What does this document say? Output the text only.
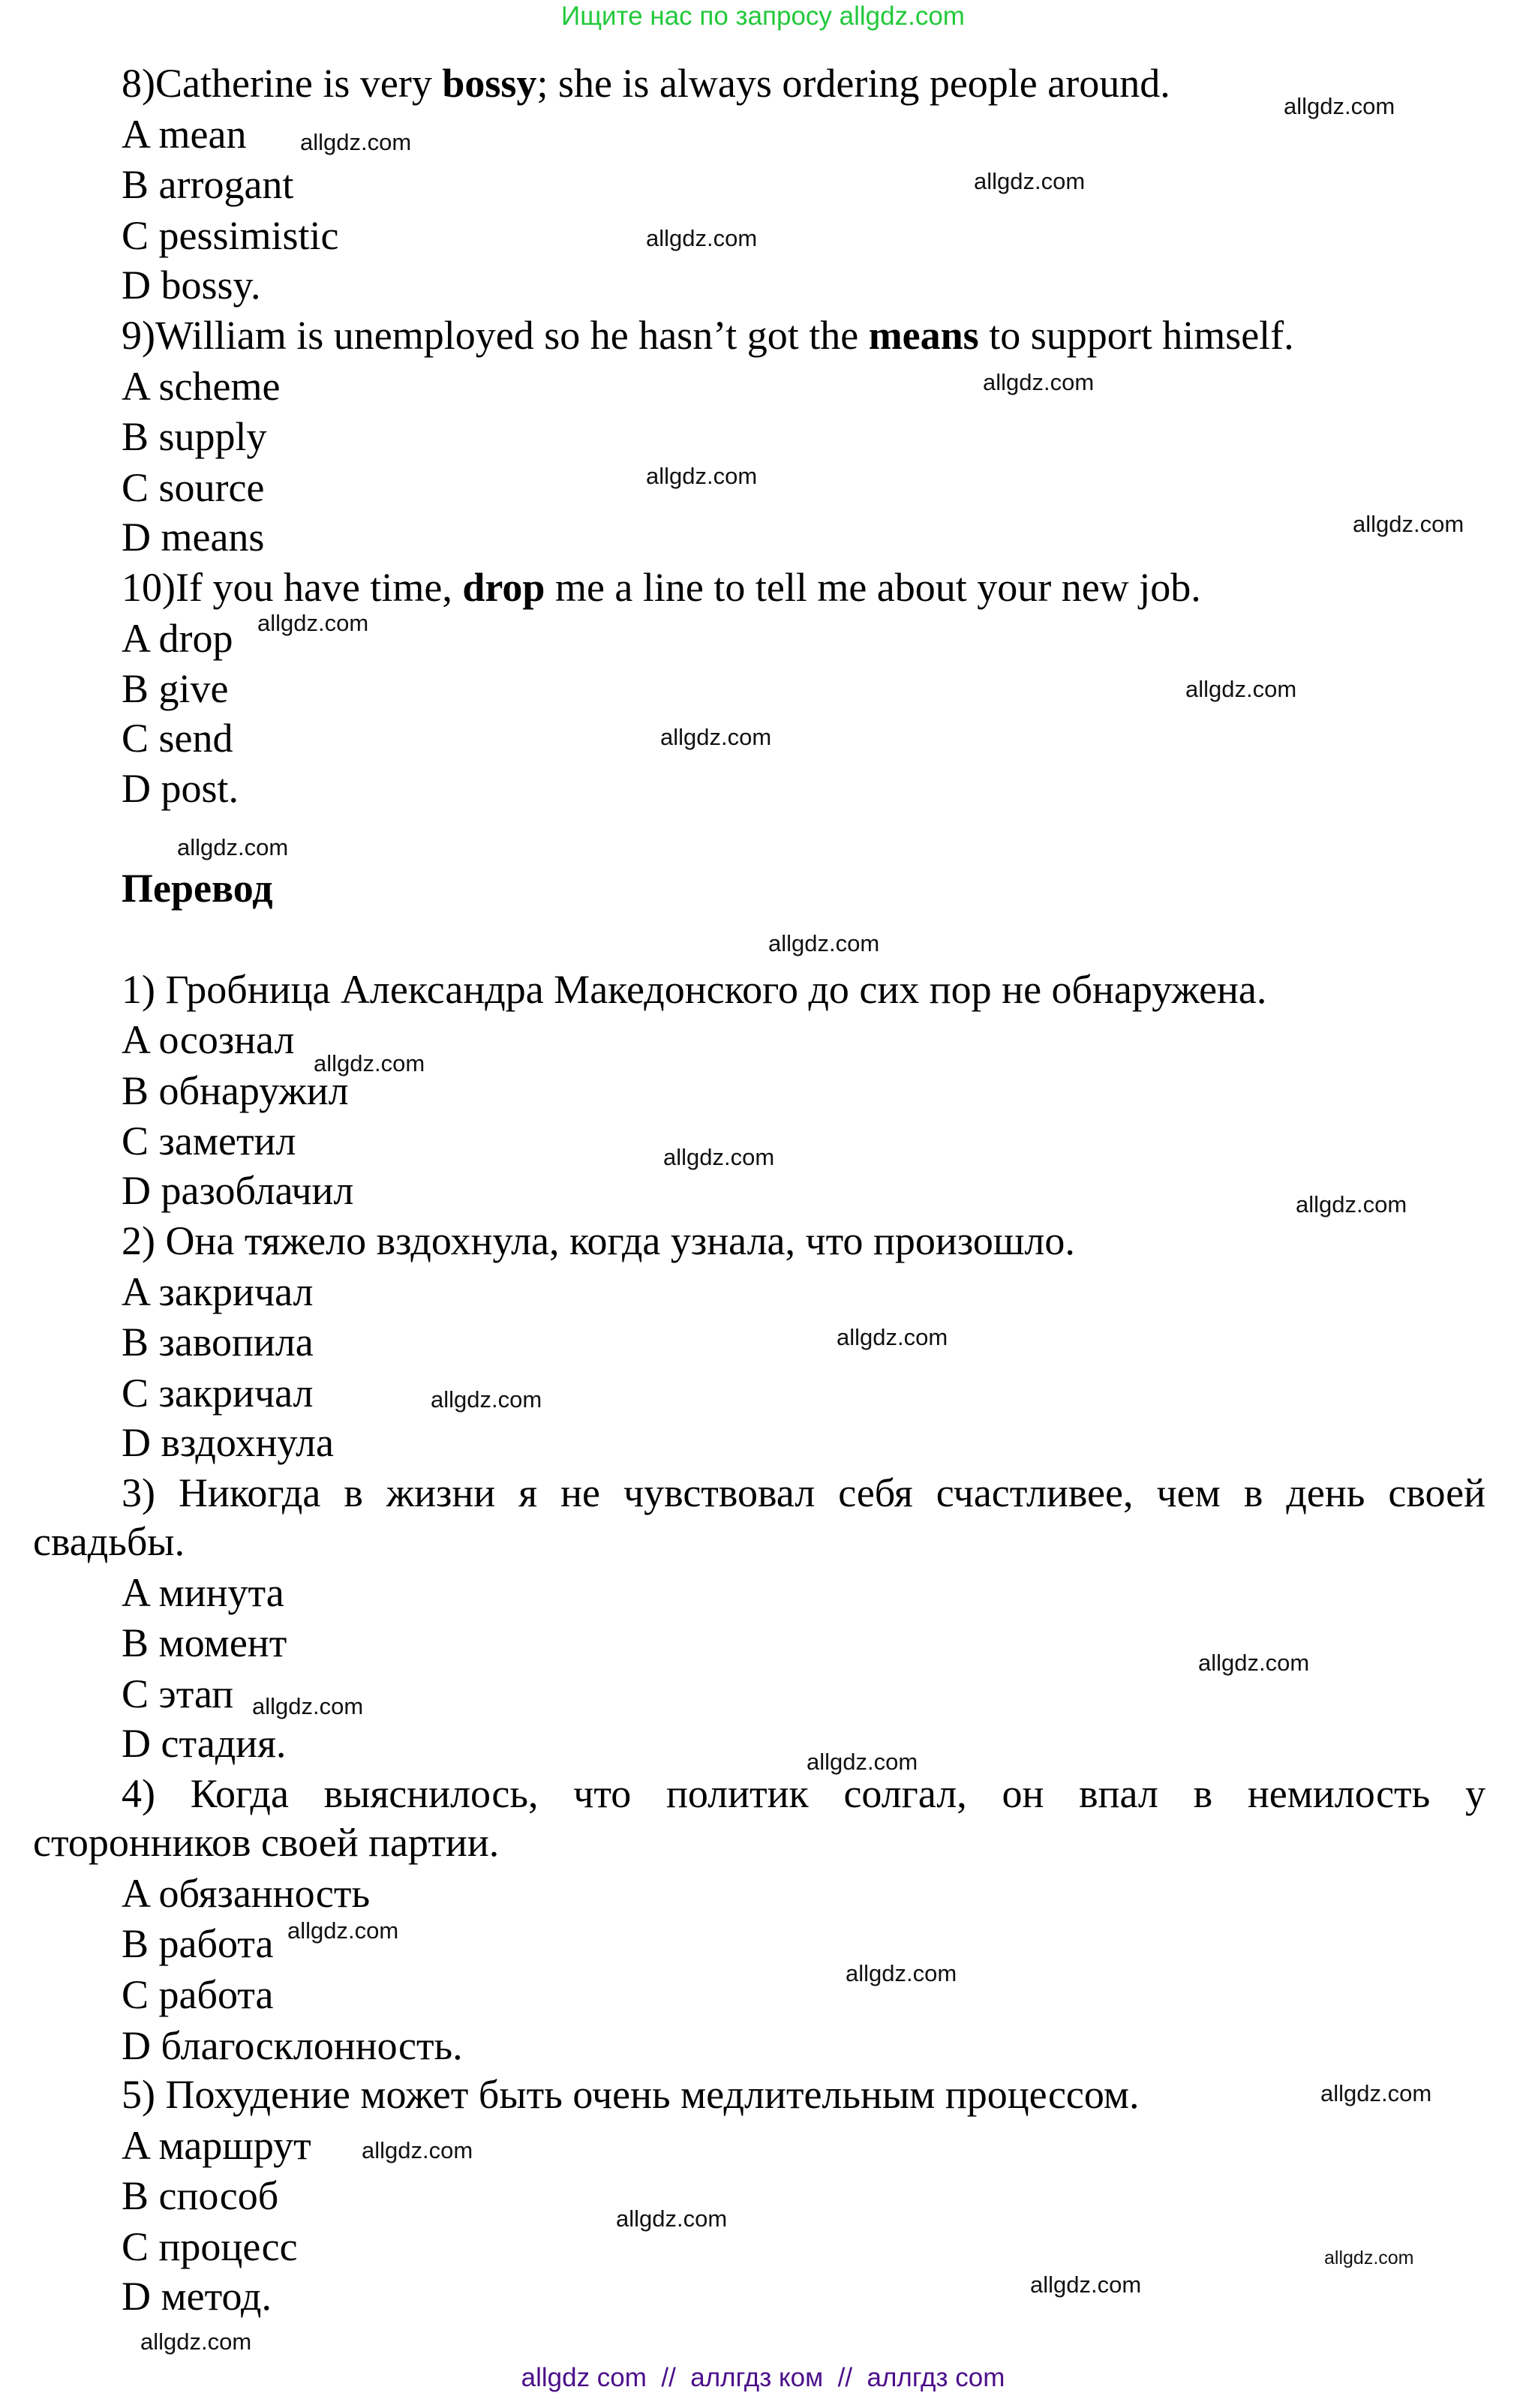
Ищите нас по запросу allgdz.com
8)Catherine is very bossy; she is always ordering people around.
A mean
B arrogant
C pessimistic
D bossy.
9)William is unemployed so he hasn’t got the means to support himself.
A scheme
B supply
C source
D means
10)If you have time, drop me a line to tell me about your new job.
A drop
B give
C send
D post.
Перевод
1) Гробница Александра Македонского до сих пор не обнаружена.
A осознал
B обнаружил
C заметил
D разоблачил
2) Она тяжело вздохнула, когда узнала, что произошло.
A закричал
B завопила
C закричал
D вздохнула
3) Никогда в жизни я не чувствовал себя счастливее, чем в день своей
свадьбы.
A минута
B момент
C этап
D стадия.
4) Когда выяснилось, что политик солгал, он впал в немилость у
сторонников своей партии.
A обязанность
B работа
C работа
D благосклонность.
5) Похудение может быть очень медлительным процессом.
A маршрут
B способ
C процесс
D метод.
allgdz.com
allgdz.com
allgdz.com
allgdz.com
allgdz.com
allgdz.com
allgdz.com
allgdz.com
allgdz.com
allgdz.com
allgdz.com
allgdz.com
allgdz.com
allgdz.com
allgdz.com
allgdz.com
allgdz.com
allgdz.com
allgdz.com
allgdz.com
allgdz.com
allgdz.com
allgdz.com
allgdz.com
allgdz.com
allgdz.com
allgdz.com
allgdz.com
allgdz com  //  аллгдз ком  //  аллгдз com
